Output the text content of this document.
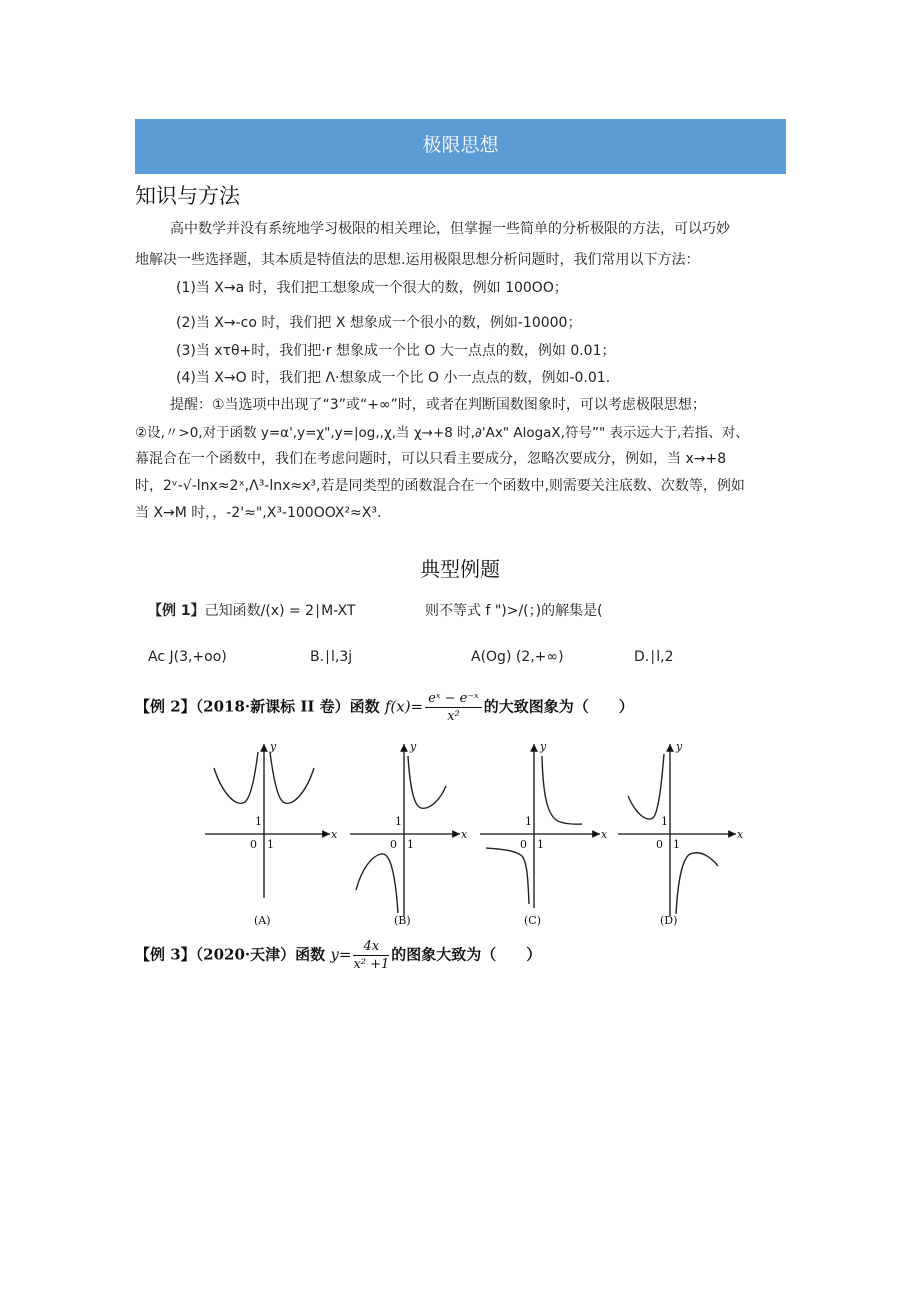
极限思想
知识与方法
高中数学并没有系统地学习极限的相关理论，但掌握一些简单的分析极限的方法，可以巧妙
地解决一些选择题，其本质是特值法的思想.运用极限思想分析问题时，我们常用以下方法：
(1)当 X→a 时，我们把工想象成一个很大的数，例如 100OO；
(2)当 X→-co 时，我们把 X 想象成一个很小的数，例如-10000；
(3)当 xτθ+时，我们把·r 想象成一个比 O 大一点点的数，例如 0.01；
(4)当 X→O 时，我们把 Λ·想象成一个比 O 小一点点的数，例如-0.01.
提醒：①当选项中出现了“3”或“+∞”时，或者在判断国数图象时，可以考虑极限思想；
②设,〃>0,对于函数 y=α',y=χ",y=|og,,χ,当 χ→+8 时,∂'Ax" AlogaX,符号”" 表示远大于,若指、对、
幕混合在一个函数中，我们在考虑问题时，可以只看主要成分，忽略次要成分，例如，当 x→+8
时，2ᵛ-√-lnx≈2ˣ,Λ³-lnx≈x³,若是同类型的函数混合在一个函数中,则需要关注底数、次数等，例如
当 X→M 时，，-2'≈",X³-100OOX²≈X³.
典型例题
【例 1】己知函数/(x) = 2∣M-XT	则不等式 f ")>/(；)的解集是(
Ac J(3,+oo)	B.∣l,3j	A(Og) (2,+∞)	D.∣l,2
【例 2】（2018·新课标 II 卷）函数 $f(x)= \frac{\text{eˣ − e⁻ˣ}}{\text{x²}}$ 的大致图象为（　　）
y
x
0 1
1
(A)
y
x
0 1
1
(B)
y
x
0 1
1
(C)
y
x
0 1
1
(D)
【例 3】（2020·天津）函数 $y= \frac{4x}{\text{x² +1}}$ 的图象大致为（　　）
